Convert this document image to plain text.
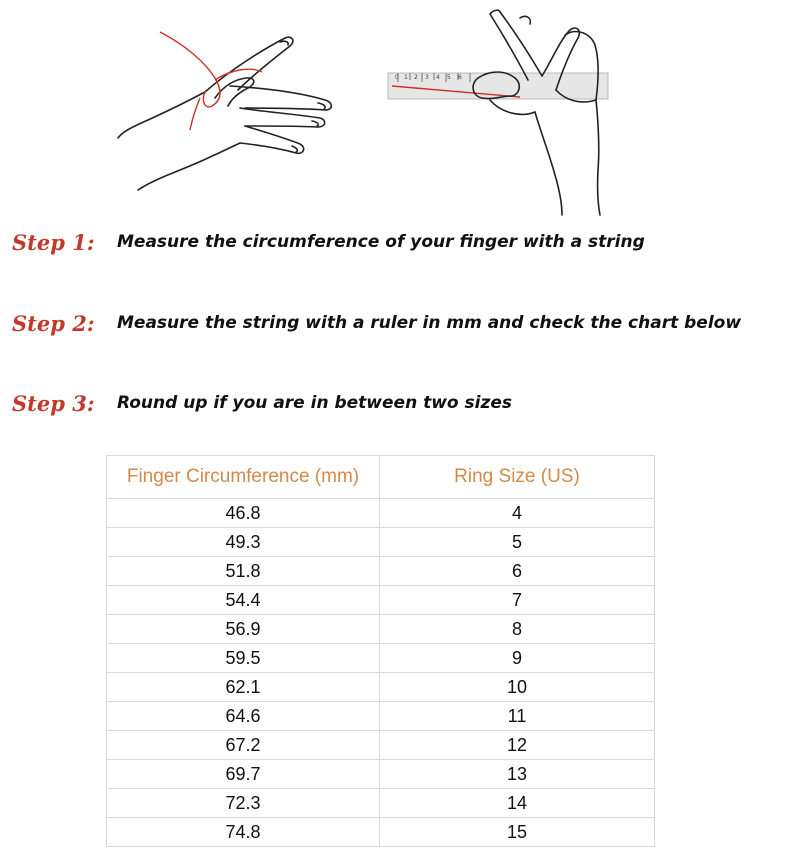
0 1 2 3 4 5 6
Step 1: Measure the circumference of your finger with a string
Step 2: Measure the string with a ruler in mm and check the chart below
Step 3: Round up if you are in between two sizes
Finger Circumference (mm)	Ring Size (US)
46.8	4
49.3	5
51.8	6
54.4	7
56.9	8
59.5	9
62.1	10
64.6	11
67.2	12
69.7	13
72.3	14
74.8	15
